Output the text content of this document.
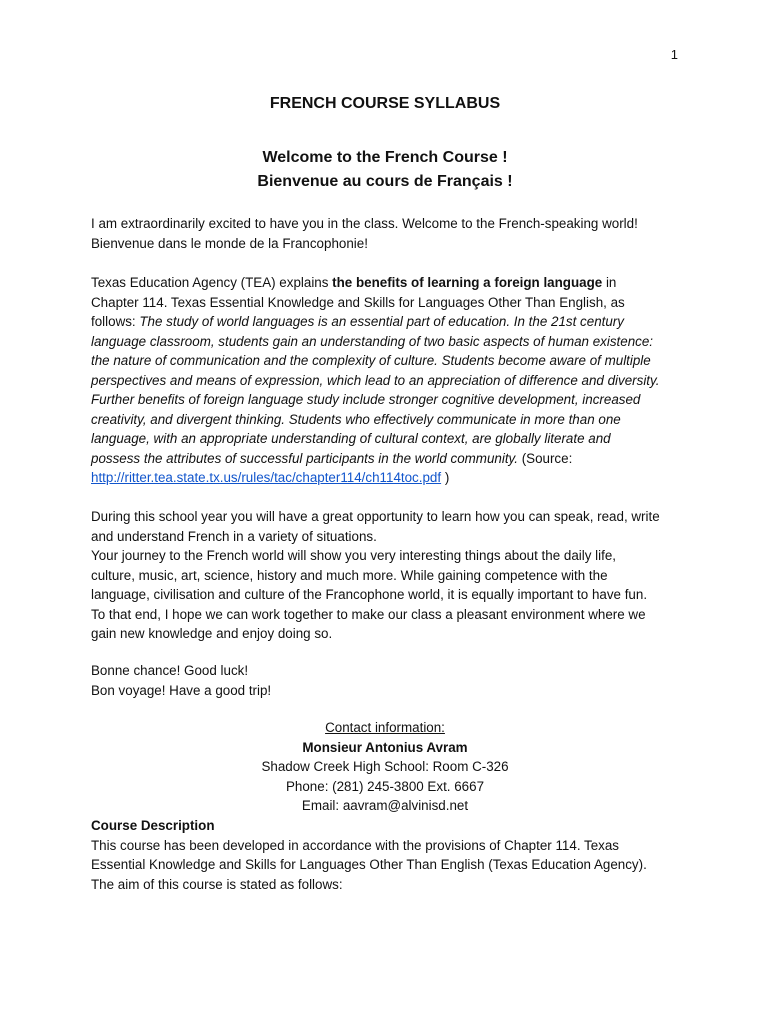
1
FRENCH COURSE SYLLABUS
Welcome to the French Course !
Bienvenue au cours de Français !
I am extraordinarily excited to have you in the class. Welcome to the French-speaking world!
Bienvenue dans le monde de la Francophonie!
Texas Education Agency (TEA) explains the benefits of learning a foreign language in
Chapter 114. Texas Essential Knowledge and Skills for Languages Other Than English, as
follows: The study of world languages is an essential part of education. In the 21st century
language classroom, students gain an understanding of two basic aspects of human existence:
the nature of communication and the complexity of culture. Students become aware of multiple
perspectives and means of expression, which lead to an appreciation of difference and diversity.
Further benefits of foreign language study include stronger cognitive development, increased
creativity, and divergent thinking. Students who effectively communicate in more than one
language, with an appropriate understanding of cultural context, are globally literate and
possess the attributes of successful participants in the world community. (Source:
http://ritter.tea.state.tx.us/rules/tac/chapter114/ch114toc.pdf )
During this school year you will have a great opportunity to learn how you can speak, read, write
and understand French in a variety of situations.
Your journey to the French world will show you very interesting things about the daily life,
culture, music, art, science, history and much more. While gaining competence with the
language, civilisation and culture of the Francophone world, it is equally important to have fun.
To that end, I hope we can work together to make our class a pleasant environment where we
gain new knowledge and enjoy doing so.
Bonne chance! Good luck!
Bon voyage! Have a good trip!
Contact information:
Monsieur Antonius Avram
Shadow Creek High School: Room C-326
Phone: (281) 245-3800 Ext. 6667
Email: aavram@alvinisd.net
Course Description
This course has been developed in accordance with the provisions of Chapter 114. Texas
Essential Knowledge and Skills for Languages Other Than English (Texas Education Agency).
The aim of this course is stated as follows:
